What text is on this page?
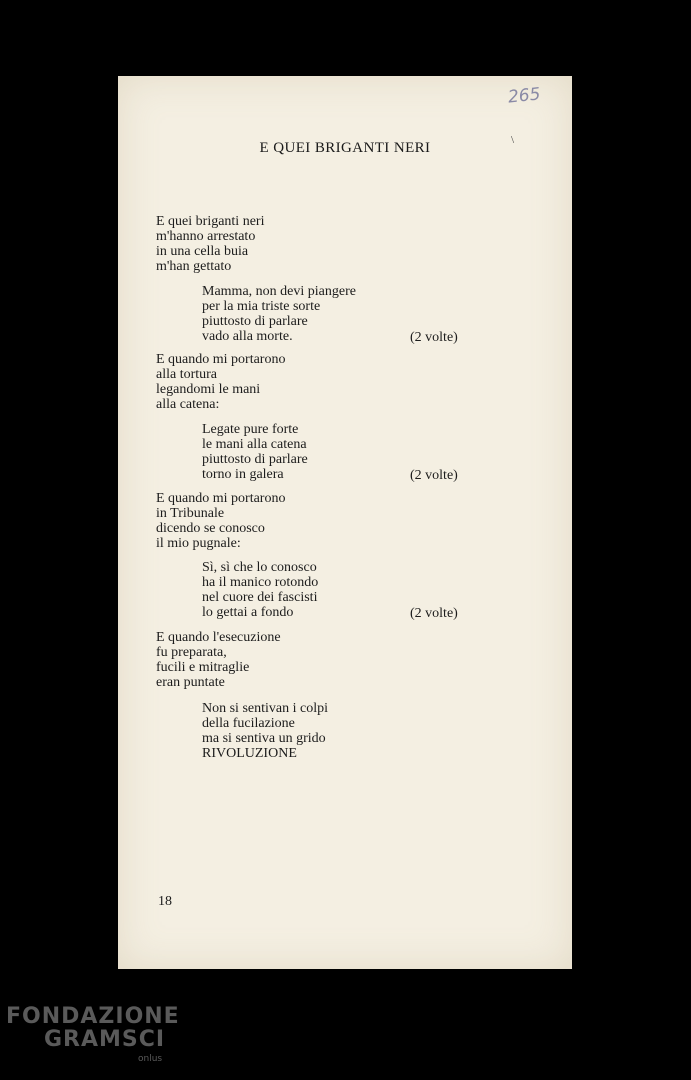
265
\
E QUEI BRIGANTI NERI
E quei briganti neri
m'hanno arrestato
in una cella buia
m'han gettato
Mamma, non devi piangere
per la mia triste sorte
piuttosto di parlare
vado alla morte.	(2 volte)
E quando mi portarono
alla tortura
legandomi le mani
alla catena:
Legate pure forte
le mani alla catena
piuttosto di parlare
torno in galera	(2 volte)
E quando mi portarono
in Tribunale
dicendo se conosco
il mio pugnale:
Sì, sì che lo conosco
ha il manico rotondo
nel cuore dei fascisti
lo gettai a fondo	(2 volte)
E quando l'esecuzione
fu preparata,
fucili e mitraglie
eran puntate
Non si sentivan i colpi
della fucilazione
ma si sentiva un grido
RIVOLUZIONE
18
FONDAZIONE
GRAMSCI
onlus
